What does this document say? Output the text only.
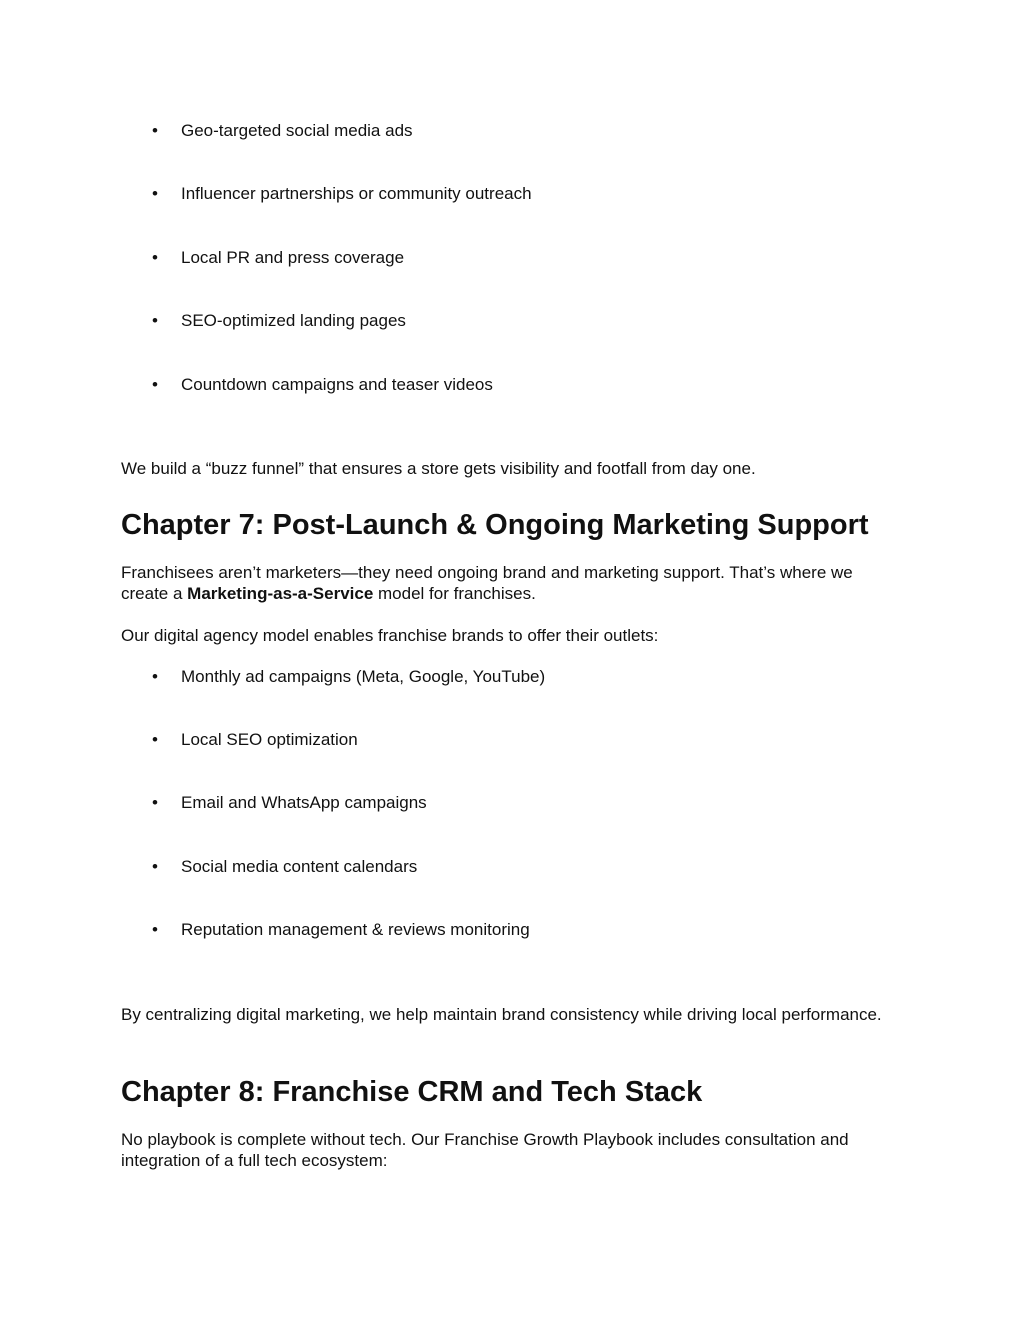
• Geo-targeted social media ads
• Influencer partnerships or community outreach
• Local PR and press coverage
• SEO-optimized landing pages
• Countdown campaigns and teaser videos

We build a “buzz funnel” that ensures a store gets visibility and footfall from day one.

Chapter 7: Post-Launch & Ongoing Marketing Support

Franchisees aren’t marketers—they need ongoing brand and marketing support. That’s where we create a Marketing-as-a-Service model for franchises.

Our digital agency model enables franchise brands to offer their outlets:

• Monthly ad campaigns (Meta, Google, YouTube)
• Local SEO optimization
• Email and WhatsApp campaigns
• Social media content calendars
• Reputation management & reviews monitoring

By centralizing digital marketing, we help maintain brand consistency while driving local performance.

Chapter 8: Franchise CRM and Tech Stack

No playbook is complete without tech. Our Franchise Growth Playbook includes consultation and integration of a full tech ecosystem:
